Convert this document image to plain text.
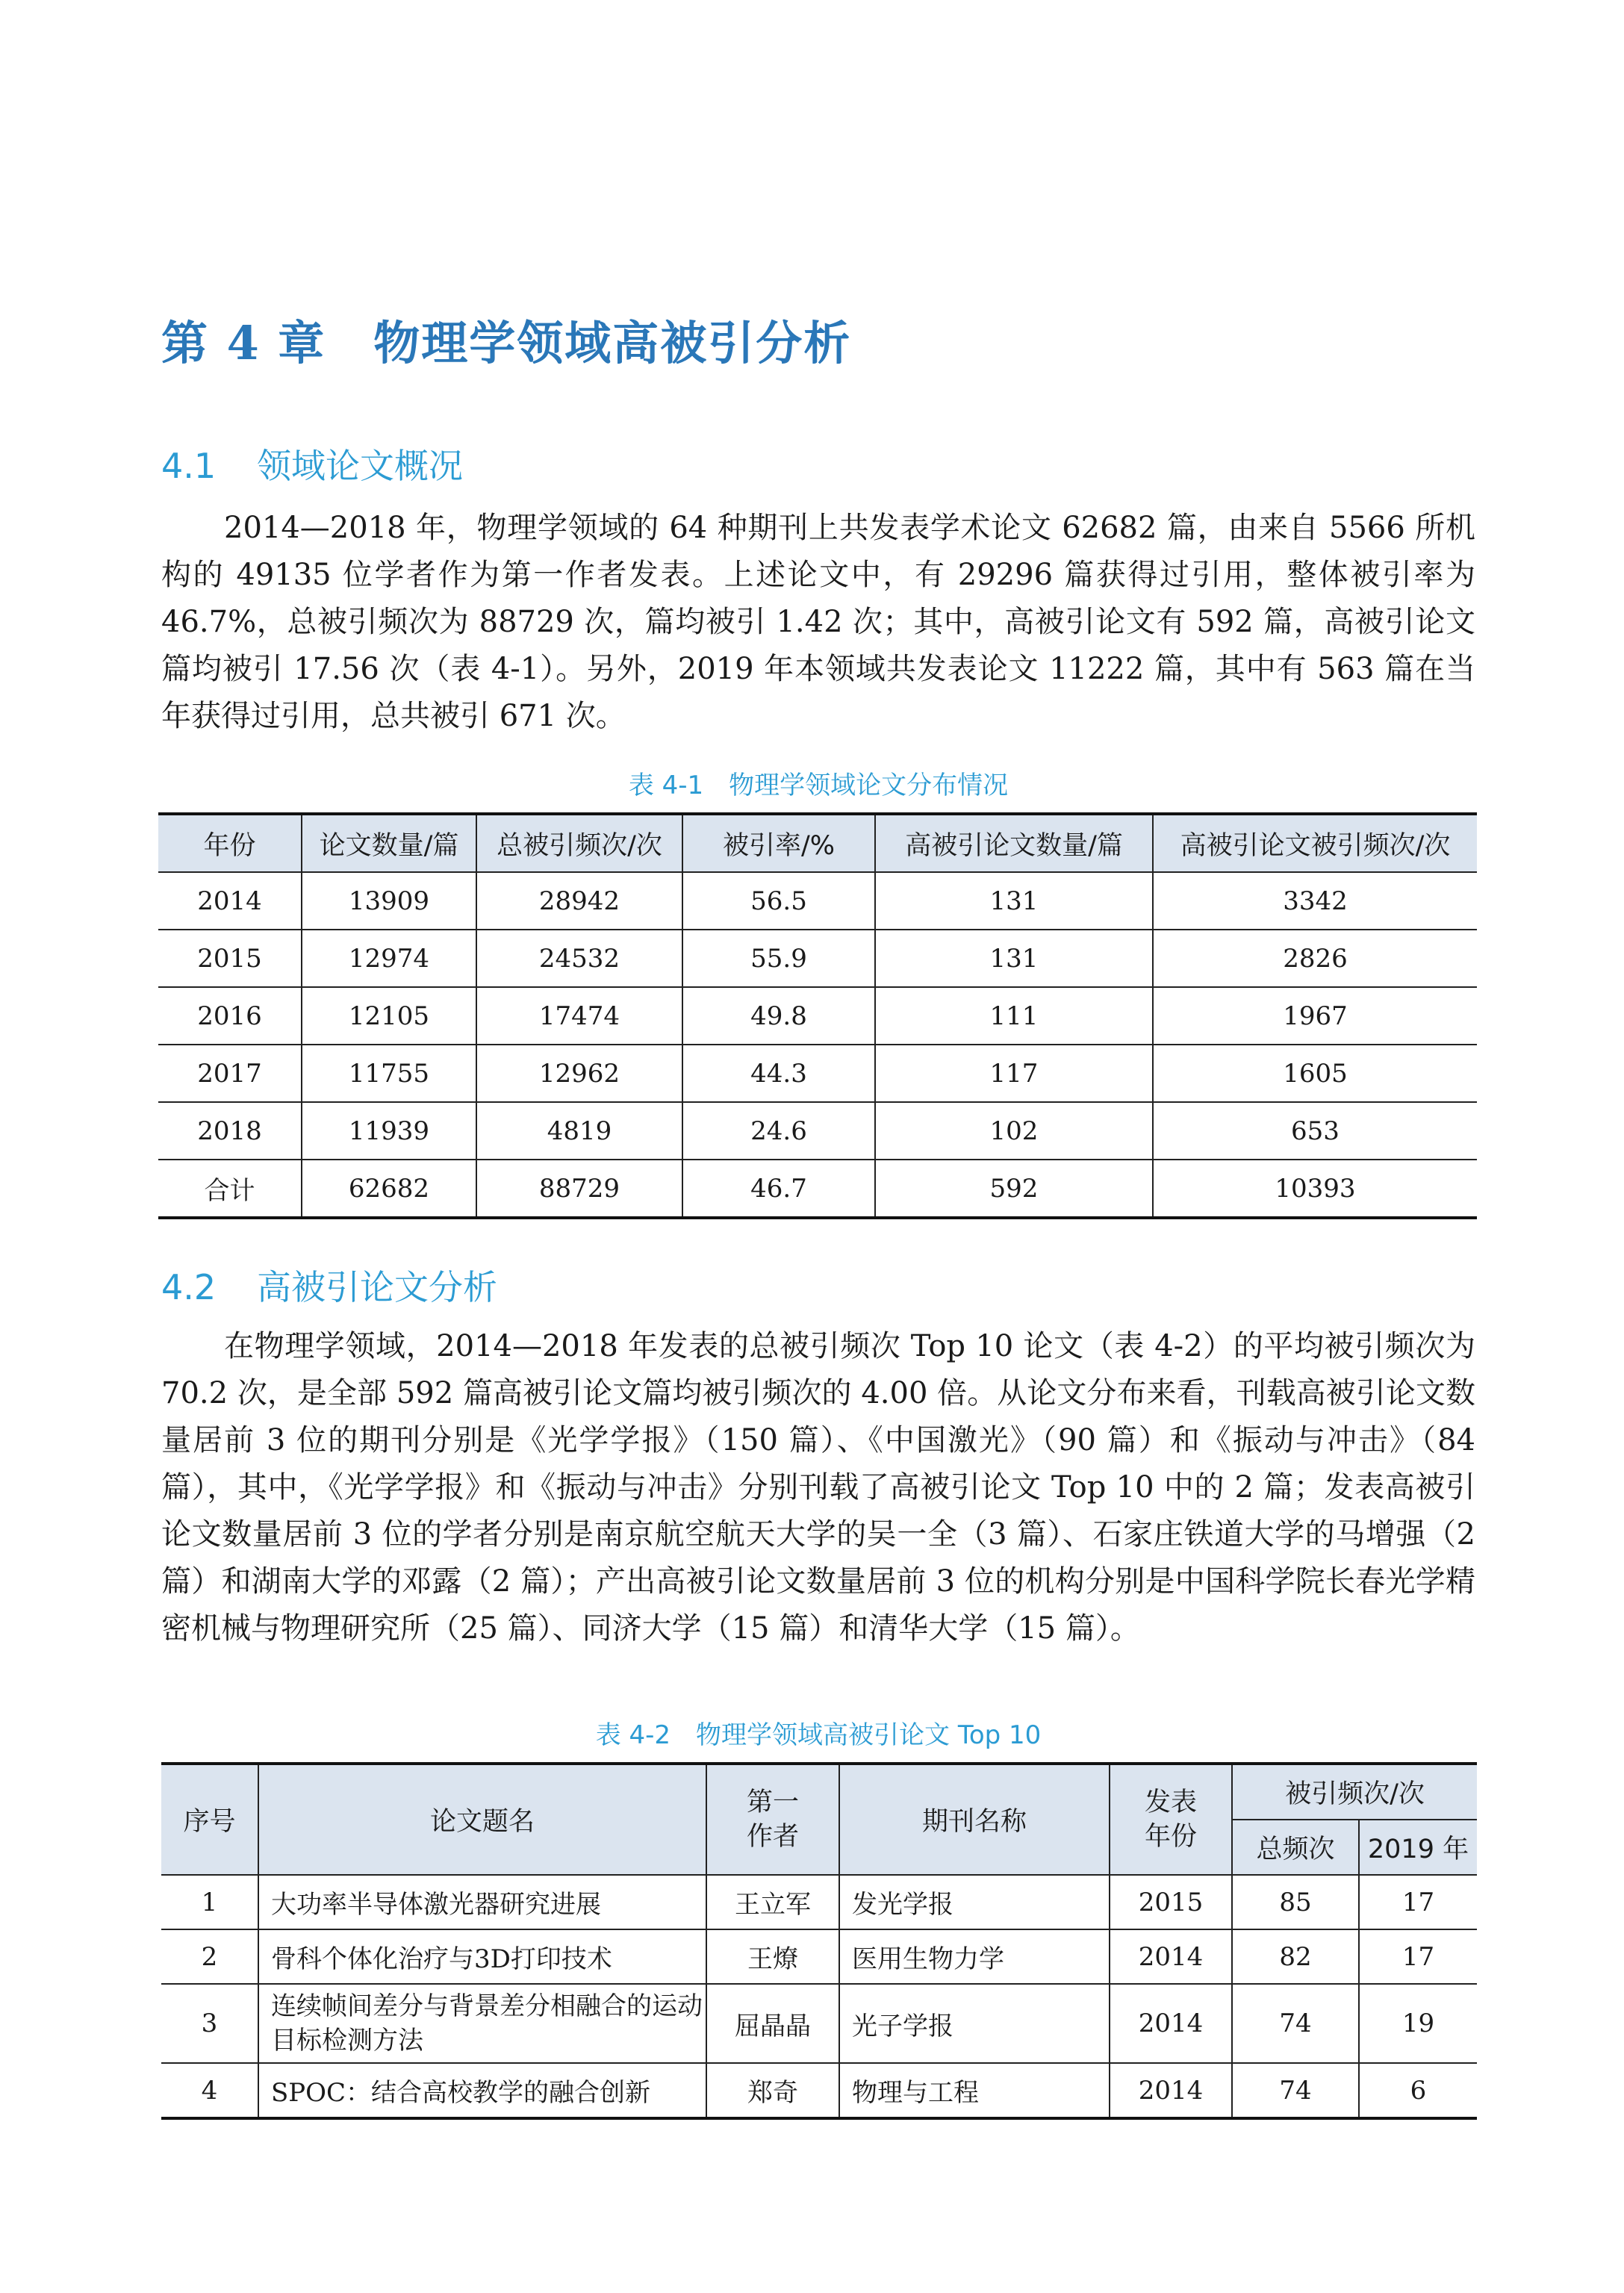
第 4 章　物理学领域高被引分析
4.1 领域论文概况

2014—2018 年，物理学领域的 64 种期刊上共发表学术论文 62682 篇，由来自 5566 所机构的 49135 位学者作为第一作者发表。上述论文中，有 29296 篇获得过引用，整体被引率为 46.7%，总被引频次为 88729 次，篇均被引 1.42 次；其中，高被引论文有 592 篇，高被引论文篇均被引 17.56 次（表 4-1）。另外，2019 年本领域共发表论文 11222 篇，其中有 563 篇在当年获得过引用，总共被引 671 次。

表 4-1　物理学领域论文分布情况

年份	论文数量/篇	总被引频次/次	被引率/%	高被引论文数量/篇	高被引论文被引频次/次
2014	13909	28942	56.5	131	3342
2015	12974	24532	55.9	131	2826
2016	12105	17474	49.8	111	1967
2017	11755	12962	44.3	117	1605
2018	11939	4819	24.6	102	653
合计	62682	88729	46.7	592	10393
4.2 高被引论文分析

在物理学领域，2014—2018 年发表的总被引频次 Top 10 论文（表 4-2）的平均被引频次为 70.2 次，是全部 592 篇高被引论文篇均被引频次的 4.00 倍。从论文分布来看，刊载高被引论文数量居前 3 位的期刊分别是《光学学报》（150 篇）、《中国激光》（90 篇）和《振动与冲击》（84 篇），其中，《光学学报》和《振动与冲击》分别刊载了高被引论文 Top 10 中的 2 篇；发表高被引论文数量居前 3 位的学者分别是南京航空航天大学的吴一全（3 篇）、石家庄铁道大学的马增强（2 篇）和湖南大学的邓露（2 篇）；产出高被引论文数量居前 3 位的机构分别是中国科学院长春光学精密机械与物理研究所（25 篇）、同济大学（15 篇）和清华大学（15 篇）。

表 4-2　物理学领域高被引论文 Top 10

序号	论文题名	第一作者	期刊名称	发表年份	被引频次/次	
					总频次	2019 年
1	大功率半导体激光器研究进展	王立军	发光学报	2015	85	17
2	骨科个体化治疗与3D打印技术	王燎	医用生物力学	2014	82	17
3	连续帧间差分与背景差分相融合的运动目标检测方法	屈晶晶	光子学报	2014	74	19
4	SPOC：结合高校教学的融合创新	郑奇	物理与工程	2014	74	6
